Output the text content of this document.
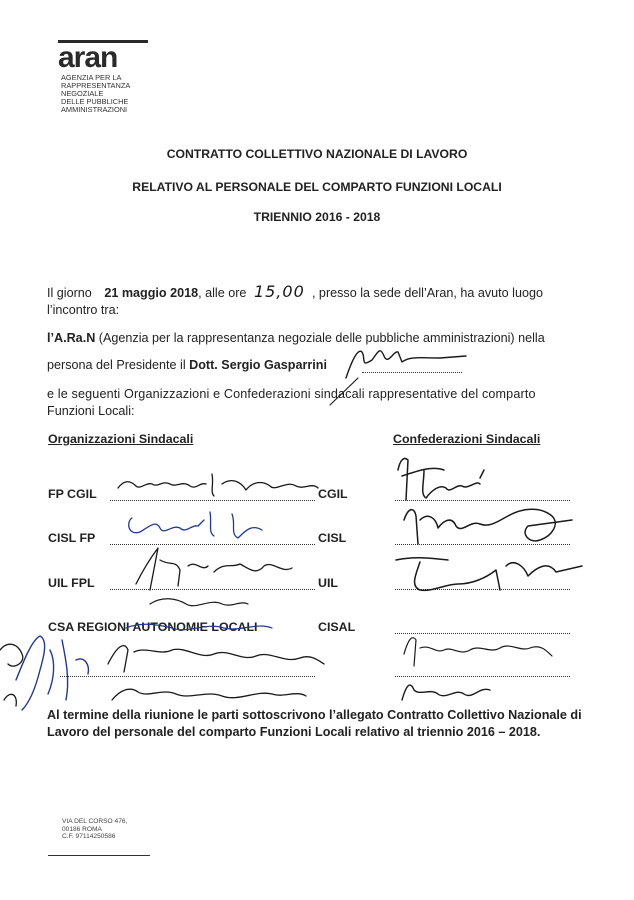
aran
AGENZIA PER LA
RAPPRESENTANZA
NEGOZIALE
DELLE PUBBLICHE
AMMINISTRAZIONI
CONTRATTO COLLETTIVO NAZIONALE DI LAVORO
RELATIVO AL PERSONALE DEL COMPARTO FUNZIONI LOCALI
TRIENNIO 2016 - 2018
Il giorno 21 maggio 2018, alle ore 15,00 , presso la sede dell’Aran, ha avuto luogo
l’incontro tra:
l’A.Ra.N (Agenzia per la rappresentanza negoziale delle pubbliche amministrazioni) nella
persona del Presidente il Dott. Sergio Gasparrini
e le seguenti Organizzazioni e Confederazioni sindacali rappresentative del comparto
Funzioni Locali:
Organizzazioni Sindacali	Confederazioni Sindacali
FP CGIL	CGIL
CISL FP	CISL
UIL FPL	UIL
CSA REGIONI AUTONOMIE LOCALI	CISAL
Al termine della riunione le parti sottoscrivono l’allegato Contratto Collettivo Nazionale di
Lavoro del personale del comparto Funzioni Locali relativo al triennio 2016 – 2018.
VIA DEL CORSO 476,
00186 ROMA
C.F. 97114250586
